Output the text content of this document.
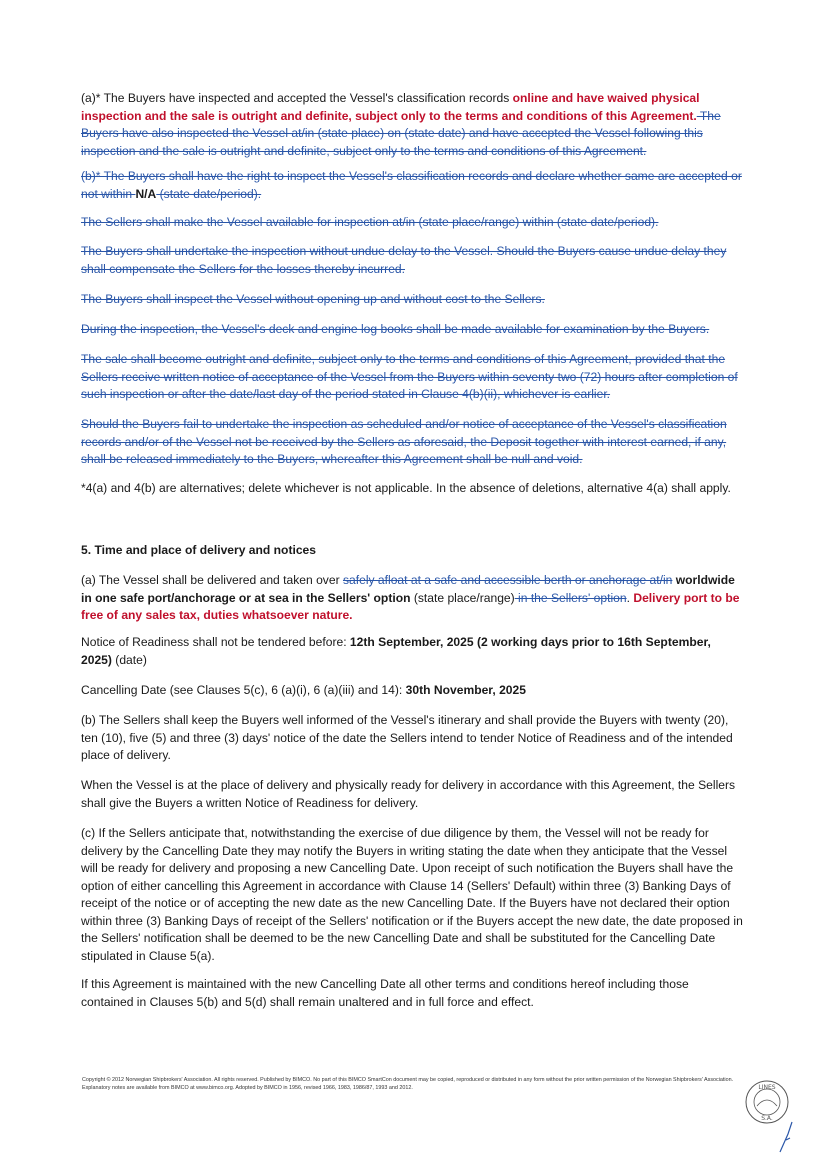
(a)* The Buyers have inspected and accepted the Vessel's classification records online and have waived physical inspection and the sale is outright and definite, subject only to the terms and conditions of this Agreement. The Buyers have also inspected the Vessel at/in (state place) on (state date) and have accepted the Vessel following this inspection and the sale is outright and definite, subject only to the terms and conditions of this Agreement.

(b)* The Buyers shall have the right to inspect the Vessel's classification records and declare whether same are accepted or not within N/A (state date/period).

The Sellers shall make the Vessel available for inspection at/in (state place/range) within (state date/period).

The Buyers shall undertake the inspection without undue delay to the Vessel. Should the Buyers cause undue delay they shall compensate the Sellers for the losses thereby incurred.

The Buyers shall inspect the Vessel without opening up and without cost to the Sellers.

During the inspection, the Vessel's deck and engine log books shall be made available for examination by the Buyers.

The sale shall become outright and definite, subject only to the terms and conditions of this Agreement, provided that the Sellers receive written notice of acceptance of the Vessel from the Buyers within seventy two (72) hours after completion of such inspection or after the date/last day of the period stated in Clause 4(b)(ii), whichever is earlier.

Should the Buyers fail to undertake the inspection as scheduled and/or notice of acceptance of the Vessel's classification records and/or of the Vessel not be received by the Sellers as aforesaid, the Deposit together with interest earned, if any, shall be released immediately to the Buyers, whereafter this Agreement shall be null and void.

*4(a) and 4(b) are alternatives; delete whichever is not applicable. In the absence of deletions, alternative 4(a) shall apply.

5. Time and place of delivery and notices

(a) The Vessel shall be delivered and taken over safely afloat at a safe and accessible berth or anchorage at/in worldwide in one safe port/anchorage or at sea in the Sellers' option (state place/range) in the Sellers' option. Delivery port to be free of any sales tax, duties whatsoever nature.

Notice of Readiness shall not be tendered before: 12th September, 2025 (2 working days prior to 16th September, 2025) (date)

Cancelling Date (see Clauses 5(c), 6 (a)(i), 6 (a)(iii) and 14): 30th November, 2025

(b) The Sellers shall keep the Buyers well informed of the Vessel's itinerary and shall provide the Buyers with twenty (20), ten (10), five (5) and three (3) days' notice of the date the Sellers intend to tender Notice of Readiness and of the intended place of delivery.

When the Vessel is at the place of delivery and physically ready for delivery in accordance with this Agreement, the Sellers shall give the Buyers a written Notice of Readiness for delivery.

(c) If the Sellers anticipate that, notwithstanding the exercise of due diligence by them, the Vessel will not be ready for delivery by the Cancelling Date they may notify the Buyers in writing stating the date when they anticipate that the Vessel will be ready for delivery and proposing a new Cancelling Date. Upon receipt of such notification the Buyers shall have the option of either cancelling this Agreement in accordance with Clause 14 (Sellers' Default) within three (3) Banking Days of receipt of the notice or of accepting the new date as the new Cancelling Date. If the Buyers have not declared their option within three (3) Banking Days of receipt of the Sellers' notification or if the Buyers accept the new date, the date proposed in the Sellers' notification shall be deemed to be the new Cancelling Date and shall be substituted for the Cancelling Date stipulated in Clause 5(a).

If this Agreement is maintained with the new Cancelling Date all other terms and conditions hereof including those contained in Clauses 5(b) and 5(d) shall remain unaltered and in full force and effect.

Copyright © 2012 Norwegian Shipbrokers' Association. All rights reserved. Published by BIMCO. No part of this BIMCO SmartCon document may be copied, reproduced or distributed in any form without the prior written permission of the Norwegian Shipbrokers' Association. Explanatory notes are available from BIMCO at www.bimco.org. Adopted by BIMCO in 1956, revised 1966, 1983, 1986/87, 1993 and 2012.	LINES
S.A.
